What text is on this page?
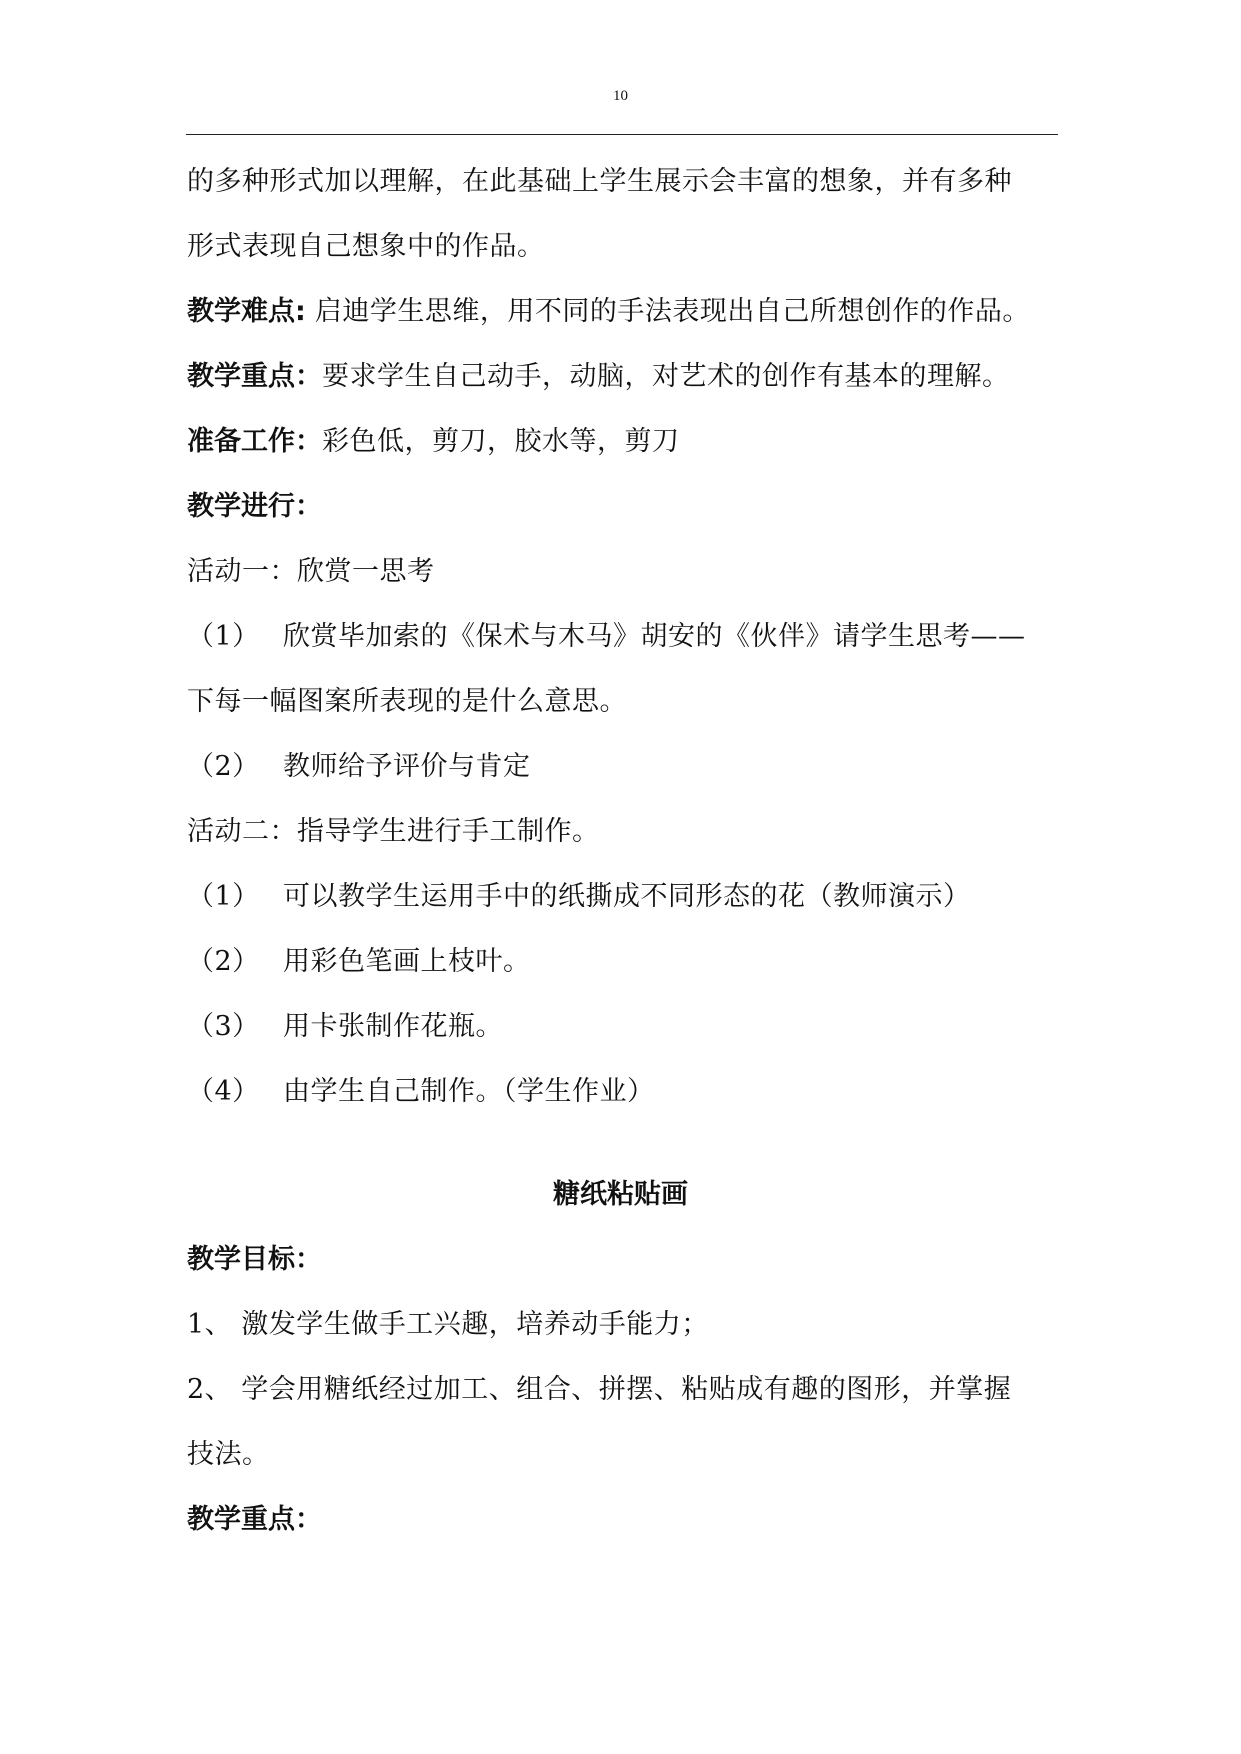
10
的多种形式加以理解，在此基础上学生展示会丰富的想象，并有多种
形式表现自己想象中的作品。
教学难点: 启迪学生思维，用不同的手法表现出自己所想创作的作品。
教学重点：要求学生自己动手，动脑，对艺术的创作有基本的理解。
准备工作：彩色低，剪刀，胶水等，剪刀
教学进行：
活动一：欣赏一思考
（1） 欣赏毕加索的《保术与木马》胡安的《伙伴》请学生思考——
下每一幅图案所表现的是什么意思。
（2） 教师给予评价与肯定
活动二：指导学生进行手工制作。
（1） 可以教学生运用手中的纸撕成不同形态的花（教师演示）
（2） 用彩色笔画上枝叶。
（3） 用卡张制作花瓶。
（4） 由学生自己制作。（学生作业）
糖纸粘贴画
教学目标：
1、 激发学生做手工兴趣，培养动手能力；
2、 学会用糖纸经过加工、组合、拼摆、粘贴成有趣的图形，并掌握
技法。
教学重点：
